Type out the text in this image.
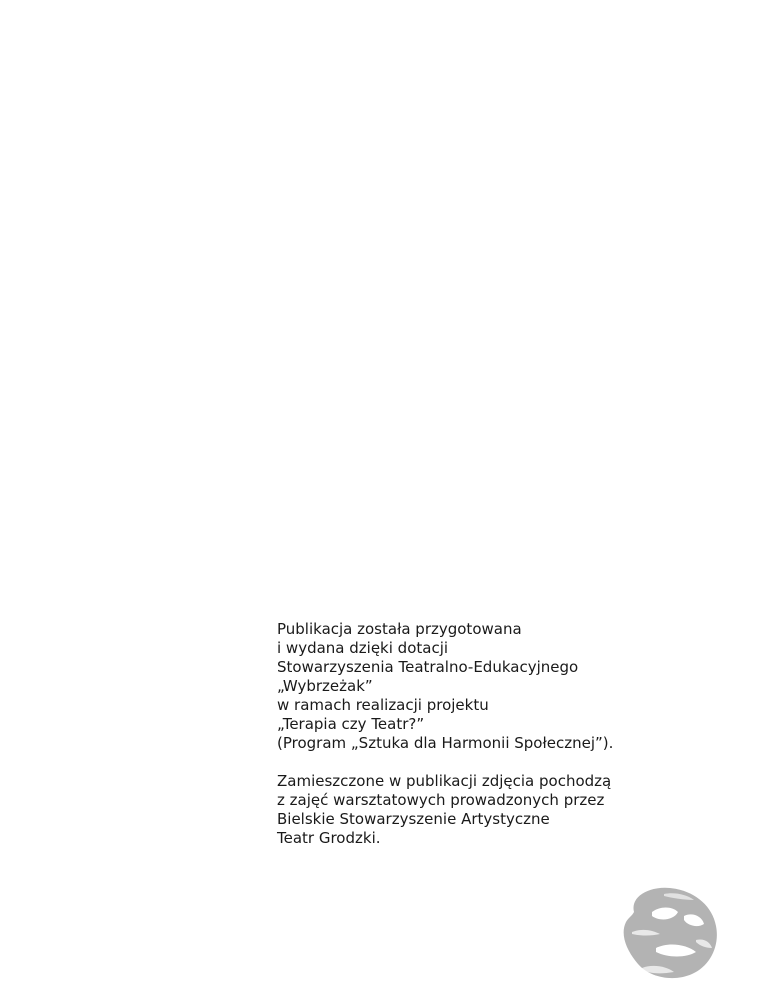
Publikacja została przygotowana
i wydana dzięki dotacji
Stowarzyszenia Teatralno-Edukacyjnego
„Wybrzeżak”
w ramach realizacji projektu
„Terapia czy Teatr?”
(Program „Sztuka dla Harmonii Społecznej”).

Zamieszczone w publikacji zdjęcia pochodzą
z zajęć warsztatowych prowadzonych przez
Bielskie Stowarzyszenie Artystyczne
Teatr Grodzki.
